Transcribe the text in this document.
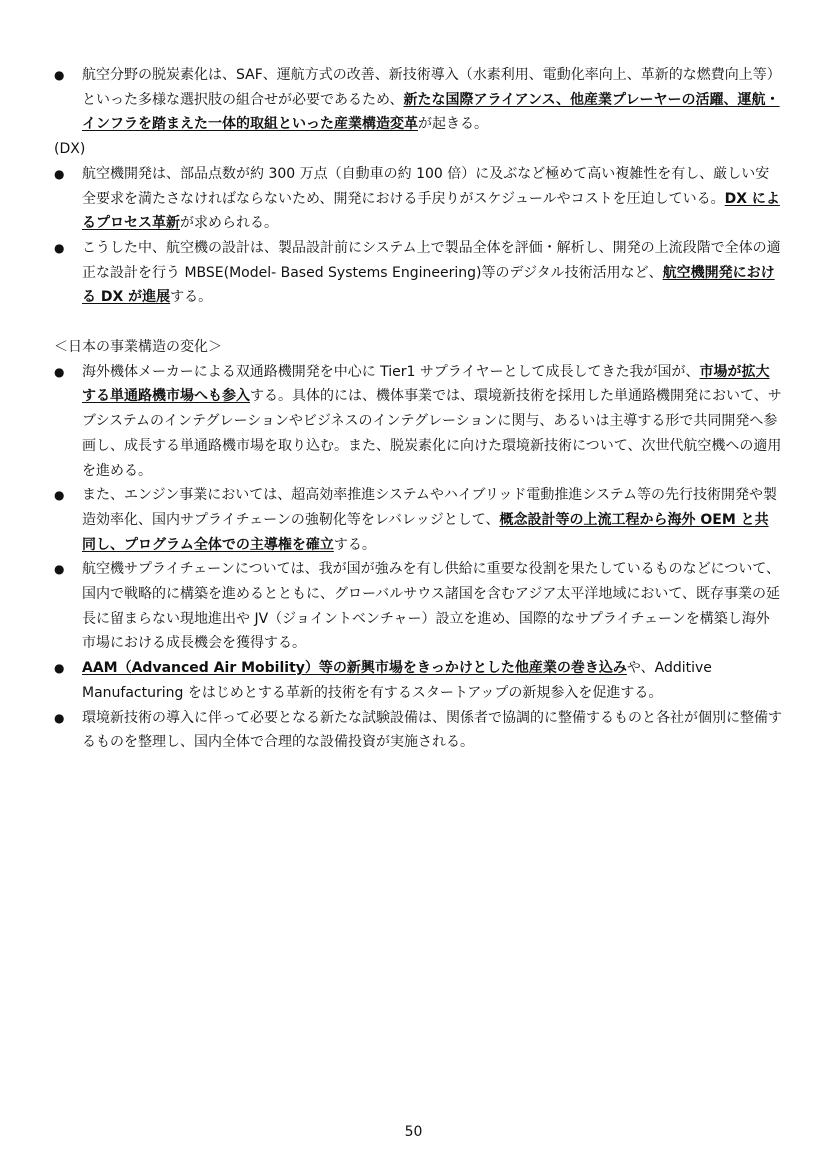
● 航空分野の脱炭素化は、SAF、運航方式の改善、新技術導入（水素利用、電動化率向上、革新的な燃費向上等）といった多様な選択肢の組合せが必要であるため、新たな国際アライアンス、他産業プレーヤーの活躍、運航・インフラを踏まえた一体的取組といった産業構造変革が起きる。
(DX)
● 航空機開発は、部品点数が約 300 万点（自動車の約 100 倍）に及ぶなど極めて高い複雑性を有し、厳しい安全要求を満たさなければならないため、開発における手戻りがスケジュールやコストを圧迫している。DX によるプロセス革新が求められる。
● こうした中、航空機の設計は、製品設計前にシステム上で製品全体を評価・解析し、開発の上流段階で全体の適正な設計を行う MBSE(Model- Based Systems Engineering)等のデジタル技術活用など、航空機開発における DX が進展する。
＜日本の事業構造の変化＞
● 海外機体メーカーによる双通路機開発を中心に Tier1 サプライヤーとして成長してきた我が国が、市場が拡大する単通路機市場へも参入する。具体的には、機体事業では、環境新技術を採用した単通路機開発において、サブシステムのインテグレーションやビジネスのインテグレーションに関与、あるいは主導する形で共同開発へ参画し、成長する単通路機市場を取り込む。また、脱炭素化に向けた環境新技術について、次世代航空機への適用を進める。
● また、エンジン事業においては、超高効率推進システムやハイブリッド電動推進システム等の先行技術開発や製造効率化、国内サプライチェーンの強靭化等をレバレッジとして、概念設計等の上流工程から海外 OEM と共同し、プログラム全体での主導権を確立する。
● 航空機サプライチェーンについては、我が国が強みを有し供給に重要な役割を果たしているものなどについて、国内で戦略的に構築を進めるとともに、グローバルサウス諸国を含むアジア太平洋地域において、既存事業の延長に留まらない現地進出や JV（ジョイントベンチャー）設立を進め、国際的なサプライチェーンを構築し海外市場における成長機会を獲得する。
● AAM（Advanced Air Mobility）等の新興市場をきっかけとした他産業の巻き込みや、Additive Manufacturing をはじめとする革新的技術を有するスタートアップの新規参入を促進する。
● 環境新技術の導入に伴って必要となる新たな試験設備は、関係者で協調的に整備するものと各社が個別に整備するものを整理し、国内全体で合理的な設備投資が実施される。
50
